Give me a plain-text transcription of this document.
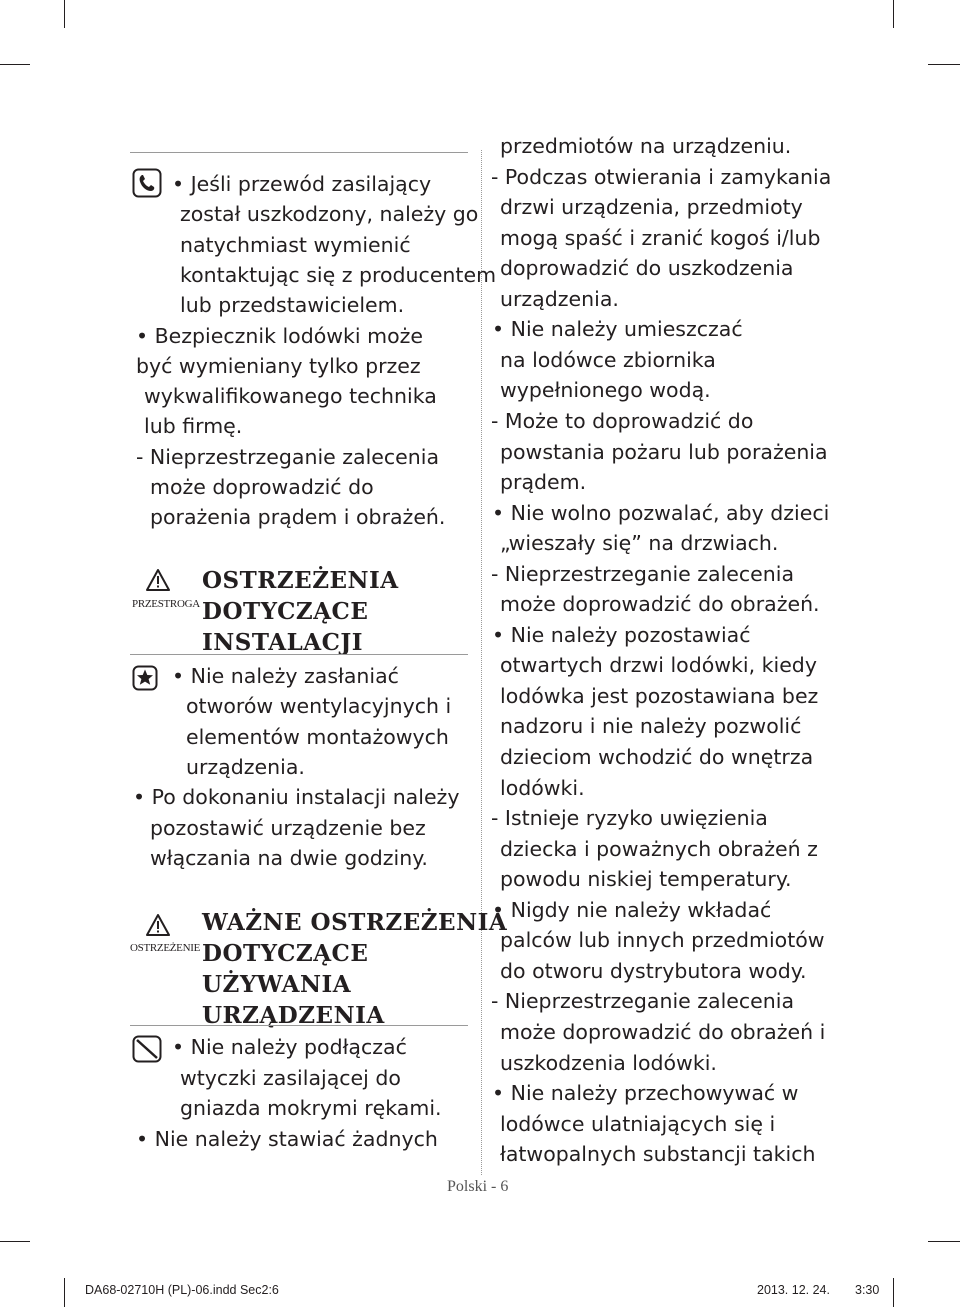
• Jeśli przewód zasilający
został uszkodzony, należy go
natychmiast wymienić
kontaktując się z producentem
lub przedstawicielem.
• Bezpiecznik lodówki może
być wymieniany tylko przez
wykwalifikowanego technika
lub firmę.
- Nieprzestrzeganie zalecenia
może doprowadzić do
porażenia prądem i obrażeń.
PRZESTROGA
OSTRZEŻENIA
DOTYCZĄCE
INSTALACJI
• Nie należy zasłaniać
otworów wentylacyjnych i
elementów montażowych
urządzenia.
• Po dokonaniu instalacji należy
pozostawić urządzenie bez
włączania na dwie godziny.
OSTRZEŻENIE
WAŻNE OSTRZEŻENIA
DOTYCZĄCE
UŻYWANIA
URZĄDZENIA
• Nie należy podłączać
wtyczki zasilającej do
gniazda mokrymi rękami.
• Nie należy stawiać żadnych
przedmiotów na urządzeniu.
- Podczas otwierania i zamykania
drzwi urządzenia, przedmioty
mogą spaść i zranić kogoś i/lub
doprowadzić do uszkodzenia
urządzenia.
• Nie należy umieszczać
na lodówce zbiornika
wypełnionego wodą.
- Może to doprowadzić do
powstania pożaru lub porażenia
prądem.
• Nie wolno pozwalać, aby dzieci
„wieszały się” na drzwiach.
- Nieprzestrzeganie zalecenia
może doprowadzić do obrażeń.
• Nie należy pozostawiać
otwartych drzwi lodówki, kiedy
lodówka jest pozostawiana bez
nadzoru i nie należy pozwolić
dzieciom wchodzić do wnętrza
lodówki.
- Istnieje ryzyko uwięzienia
dziecka i poważnych obrażeń z
powodu niskiej temperatury.
• Nigdy nie należy wkładać
palców lub innych przedmiotów
do otworu dystrybutora wody.
- Nieprzestrzeganie zalecenia
może doprowadzić do obrażeń i
uszkodzenia lodówki.
• Nie należy przechowywać w
lodówce ulatniających się i
łatwopalnych substancji takich
Polski - 6
DA68-02710H (PL)-06.indd Sec2:6	2013. 12. 24. 3:30
